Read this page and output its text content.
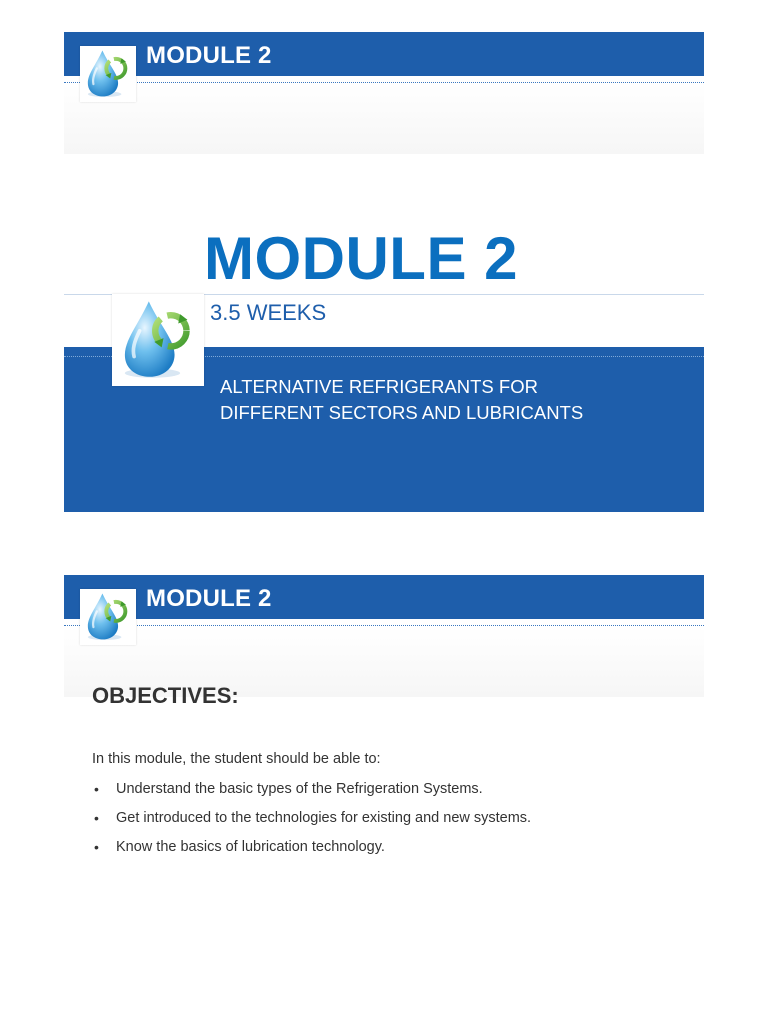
MODULE 2
MODULE 2
3.5 WEEKS
ALTERNATIVE REFRIGERANTS FOR
DIFFERENT SECTORS AND LUBRICANTS
MODULE 2
OBJECTIVES:
In this module, the student should be able to:
• Understand the basic types of the Refrigeration Systems.
• Get introduced to the technologies for existing and new systems.
• Know the basics of lubrication technology.
